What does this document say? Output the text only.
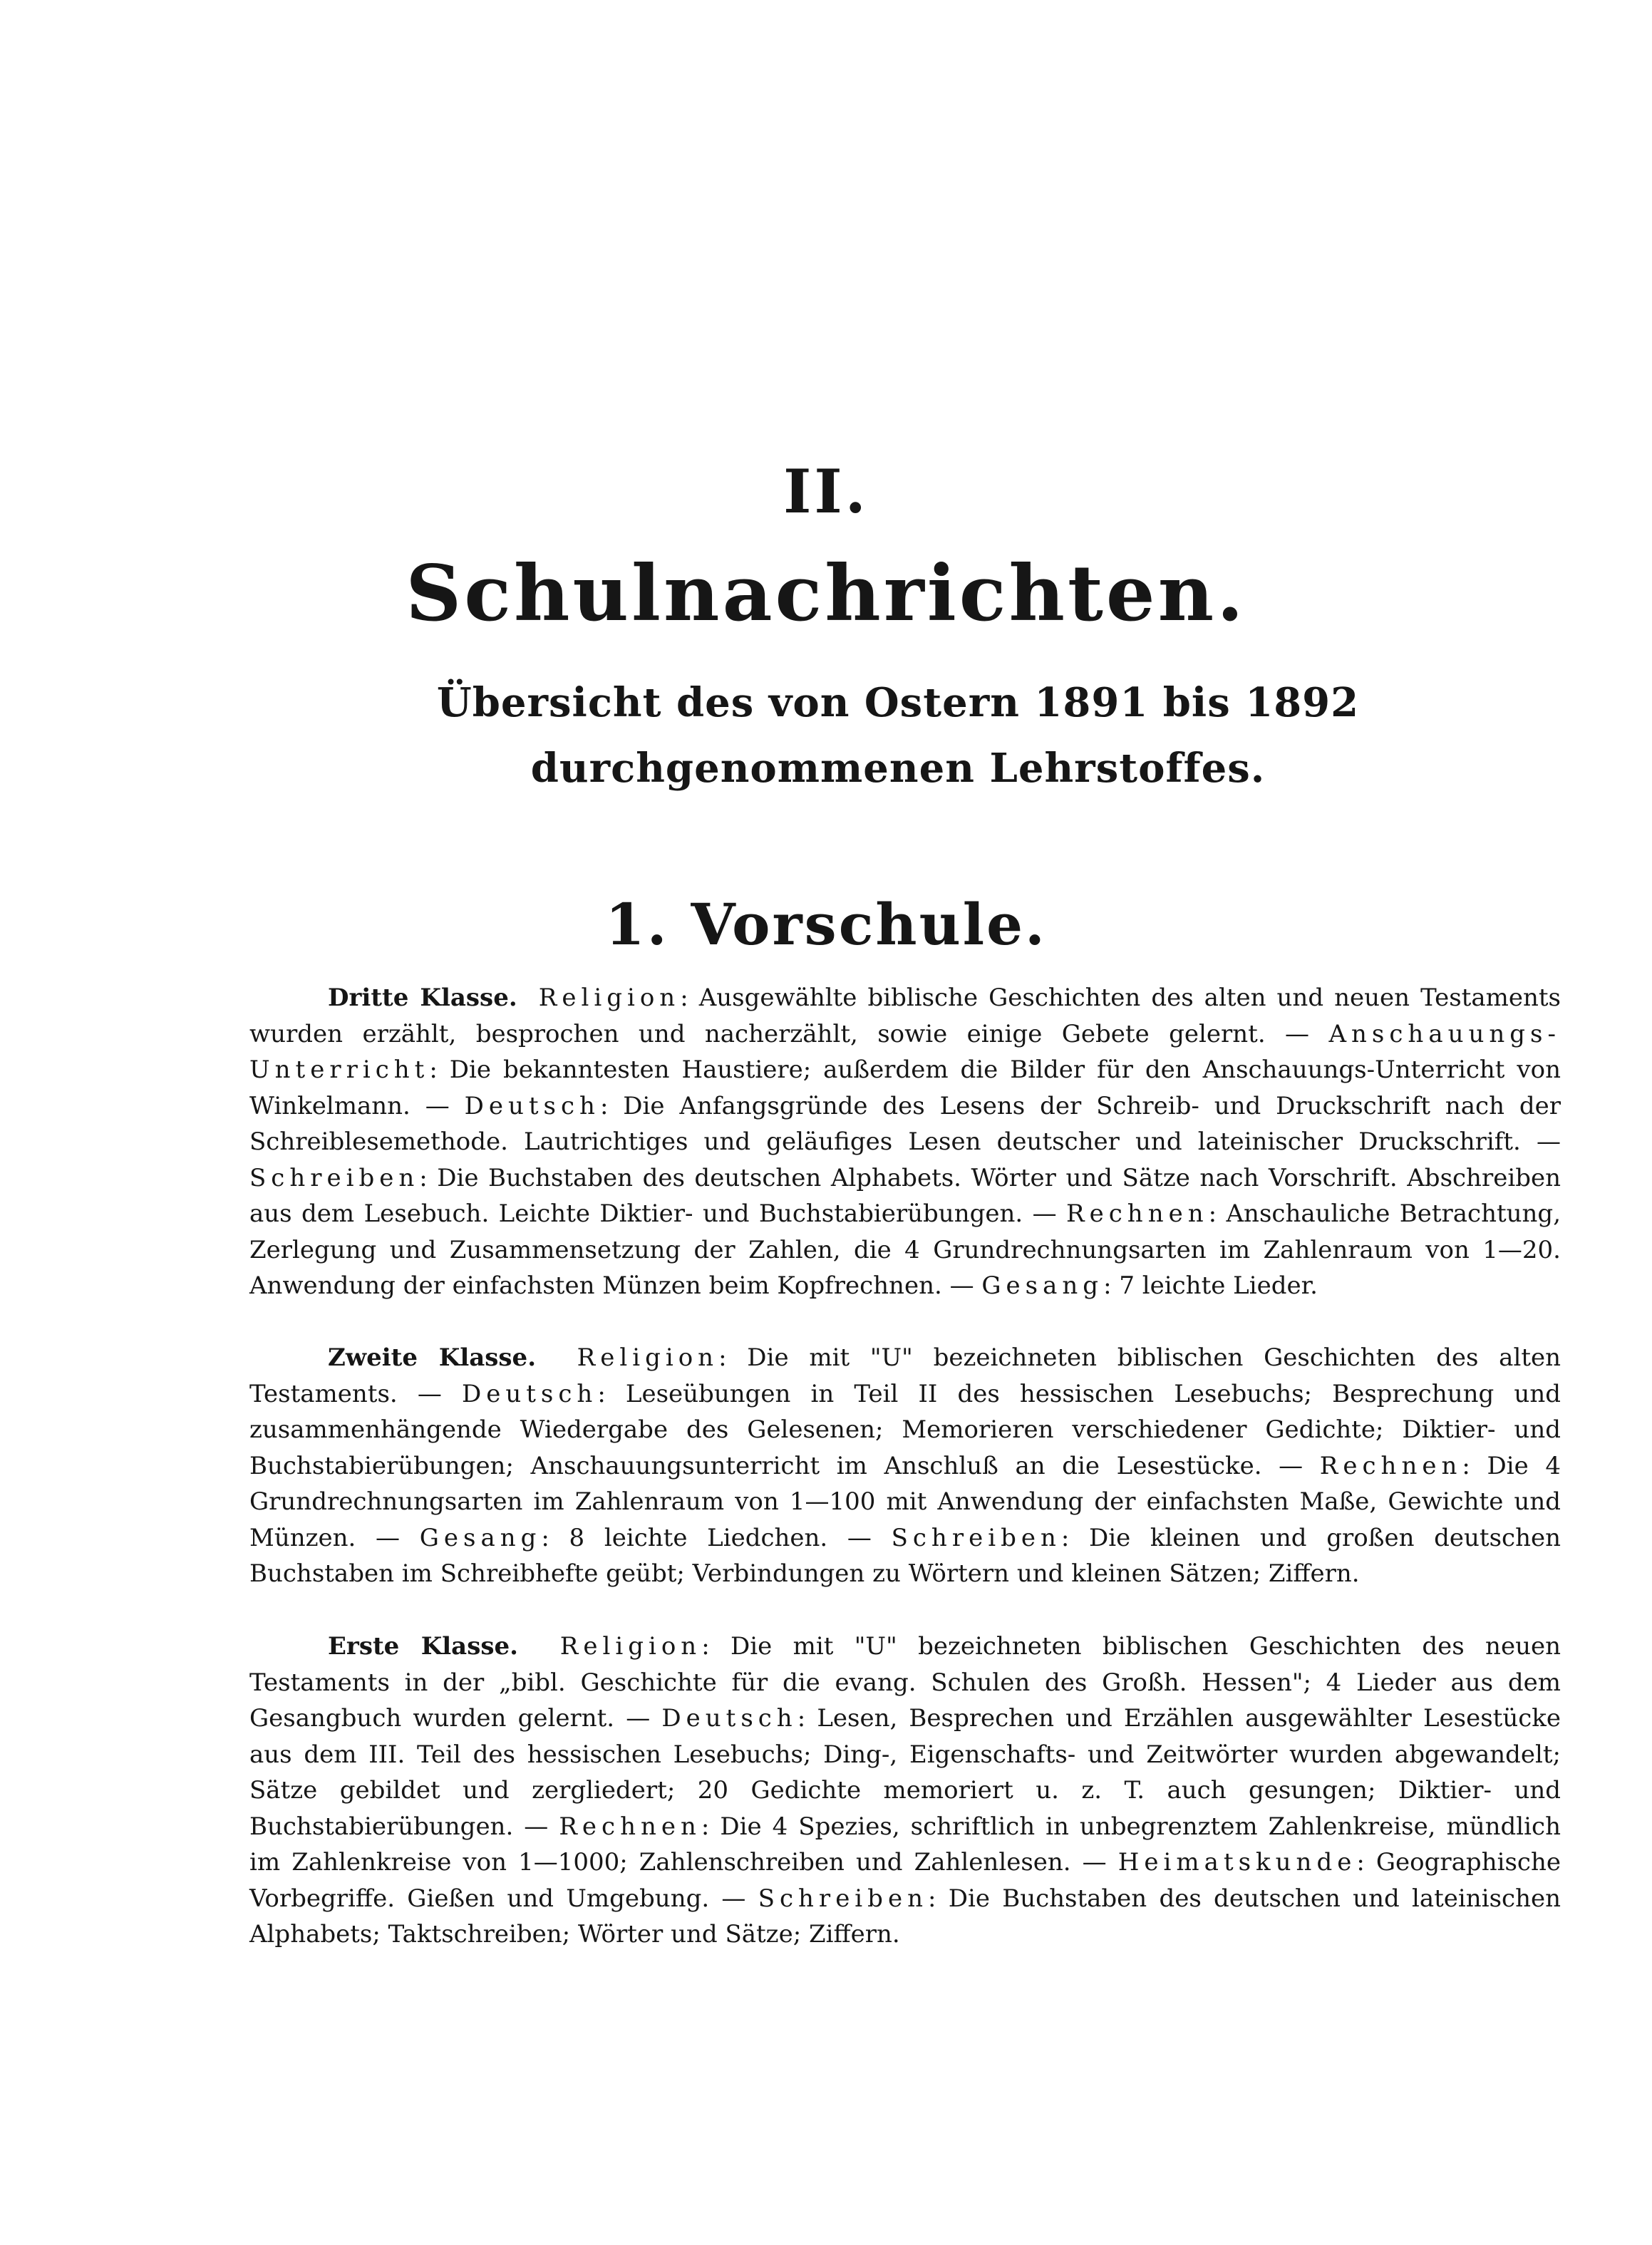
II.
Schulnachrichten.
Übersicht des von Ostern 1891 bis 1892 durchgenommenen Lehrstoffes.
1. Vorschule.

Dritte Klasse. Religion: Ausgewählte biblische Geschichten des alten und neuen Testaments wurden erzählt, besprochen und nacherzählt, sowie einige Gebete gelernt. — Anschauungs-Unterricht: Die bekanntesten Haustiere; außerdem die Bilder für den Anschauungs-Unterricht von Winkelmann. — Deutsch: Die Anfangsgründe des Lesens der Schreib- und Druckschrift nach der Schreiblesemethode. Lautrichtiges und geläufiges Lesen deutscher und lateinischer Druckschrift. — Schreiben: Die Buchstaben des deutschen Alphabets. Wörter und Sätze nach Vorschrift. Abschreiben aus dem Lesebuch. Leichte Diktier- und Buchstabierübungen. — Rechnen: Anschauliche Betrachtung, Zerlegung und Zusammensetzung der Zahlen, die 4 Grundrechnungsarten im Zahlenraum von 1—20. Anwendung der einfachsten Münzen beim Kopfrechnen. — Gesang: 7 leichte Lieder.

Zweite Klasse. Religion: Die mit "U" bezeichneten biblischen Geschichten des alten Testaments. — Deutsch: Leseübungen in Teil II des hessischen Lesebuchs; Besprechung und zusammenhängende Wiedergabe des Gelesenen; Memorieren verschiedener Gedichte; Diktier- und Buchstabierübungen; Anschauungsunterricht im Anschluß an die Lesestücke. — Rechnen: Die 4 Grundrechnungsarten im Zahlenraum von 1—100 mit Anwendung der einfachsten Maße, Gewichte und Münzen. — Gesang: 8 leichte Liedchen. — Schreiben: Die kleinen und großen deutschen Buchstaben im Schreibhefte geübt; Verbindungen zu Wörtern und kleinen Sätzen; Ziffern.

Erste Klasse. Religion: Die mit "U" bezeichneten biblischen Geschichten des neuen Testaments in der „bibl. Geschichte für die evang. Schulen des Großh. Hessen"; 4 Lieder aus dem Gesangbuch wurden gelernt. — Deutsch: Lesen, Besprechen und Erzählen ausgewählter Lesestücke aus dem III. Teil des hessischen Lesebuchs; Ding-, Eigenschafts- und Zeitwörter wurden abgewandelt; Sätze gebildet und zergliedert; 20 Gedichte memoriert u. z. T. auch gesungen; Diktier- und Buchstabierübungen. — Rechnen: Die 4 Spezies, schriftlich in unbegrenztem Zahlenkreise, mündlich im Zahlenkreise von 1—1000; Zahlenschreiben und Zahlenlesen. — Heimatskunde: Geographische Vorbegriffe. Gießen und Umgebung. — Schreiben: Die Buchstaben des deutschen und lateinischen Alphabets; Taktschreiben; Wörter und Sätze; Ziffern.
